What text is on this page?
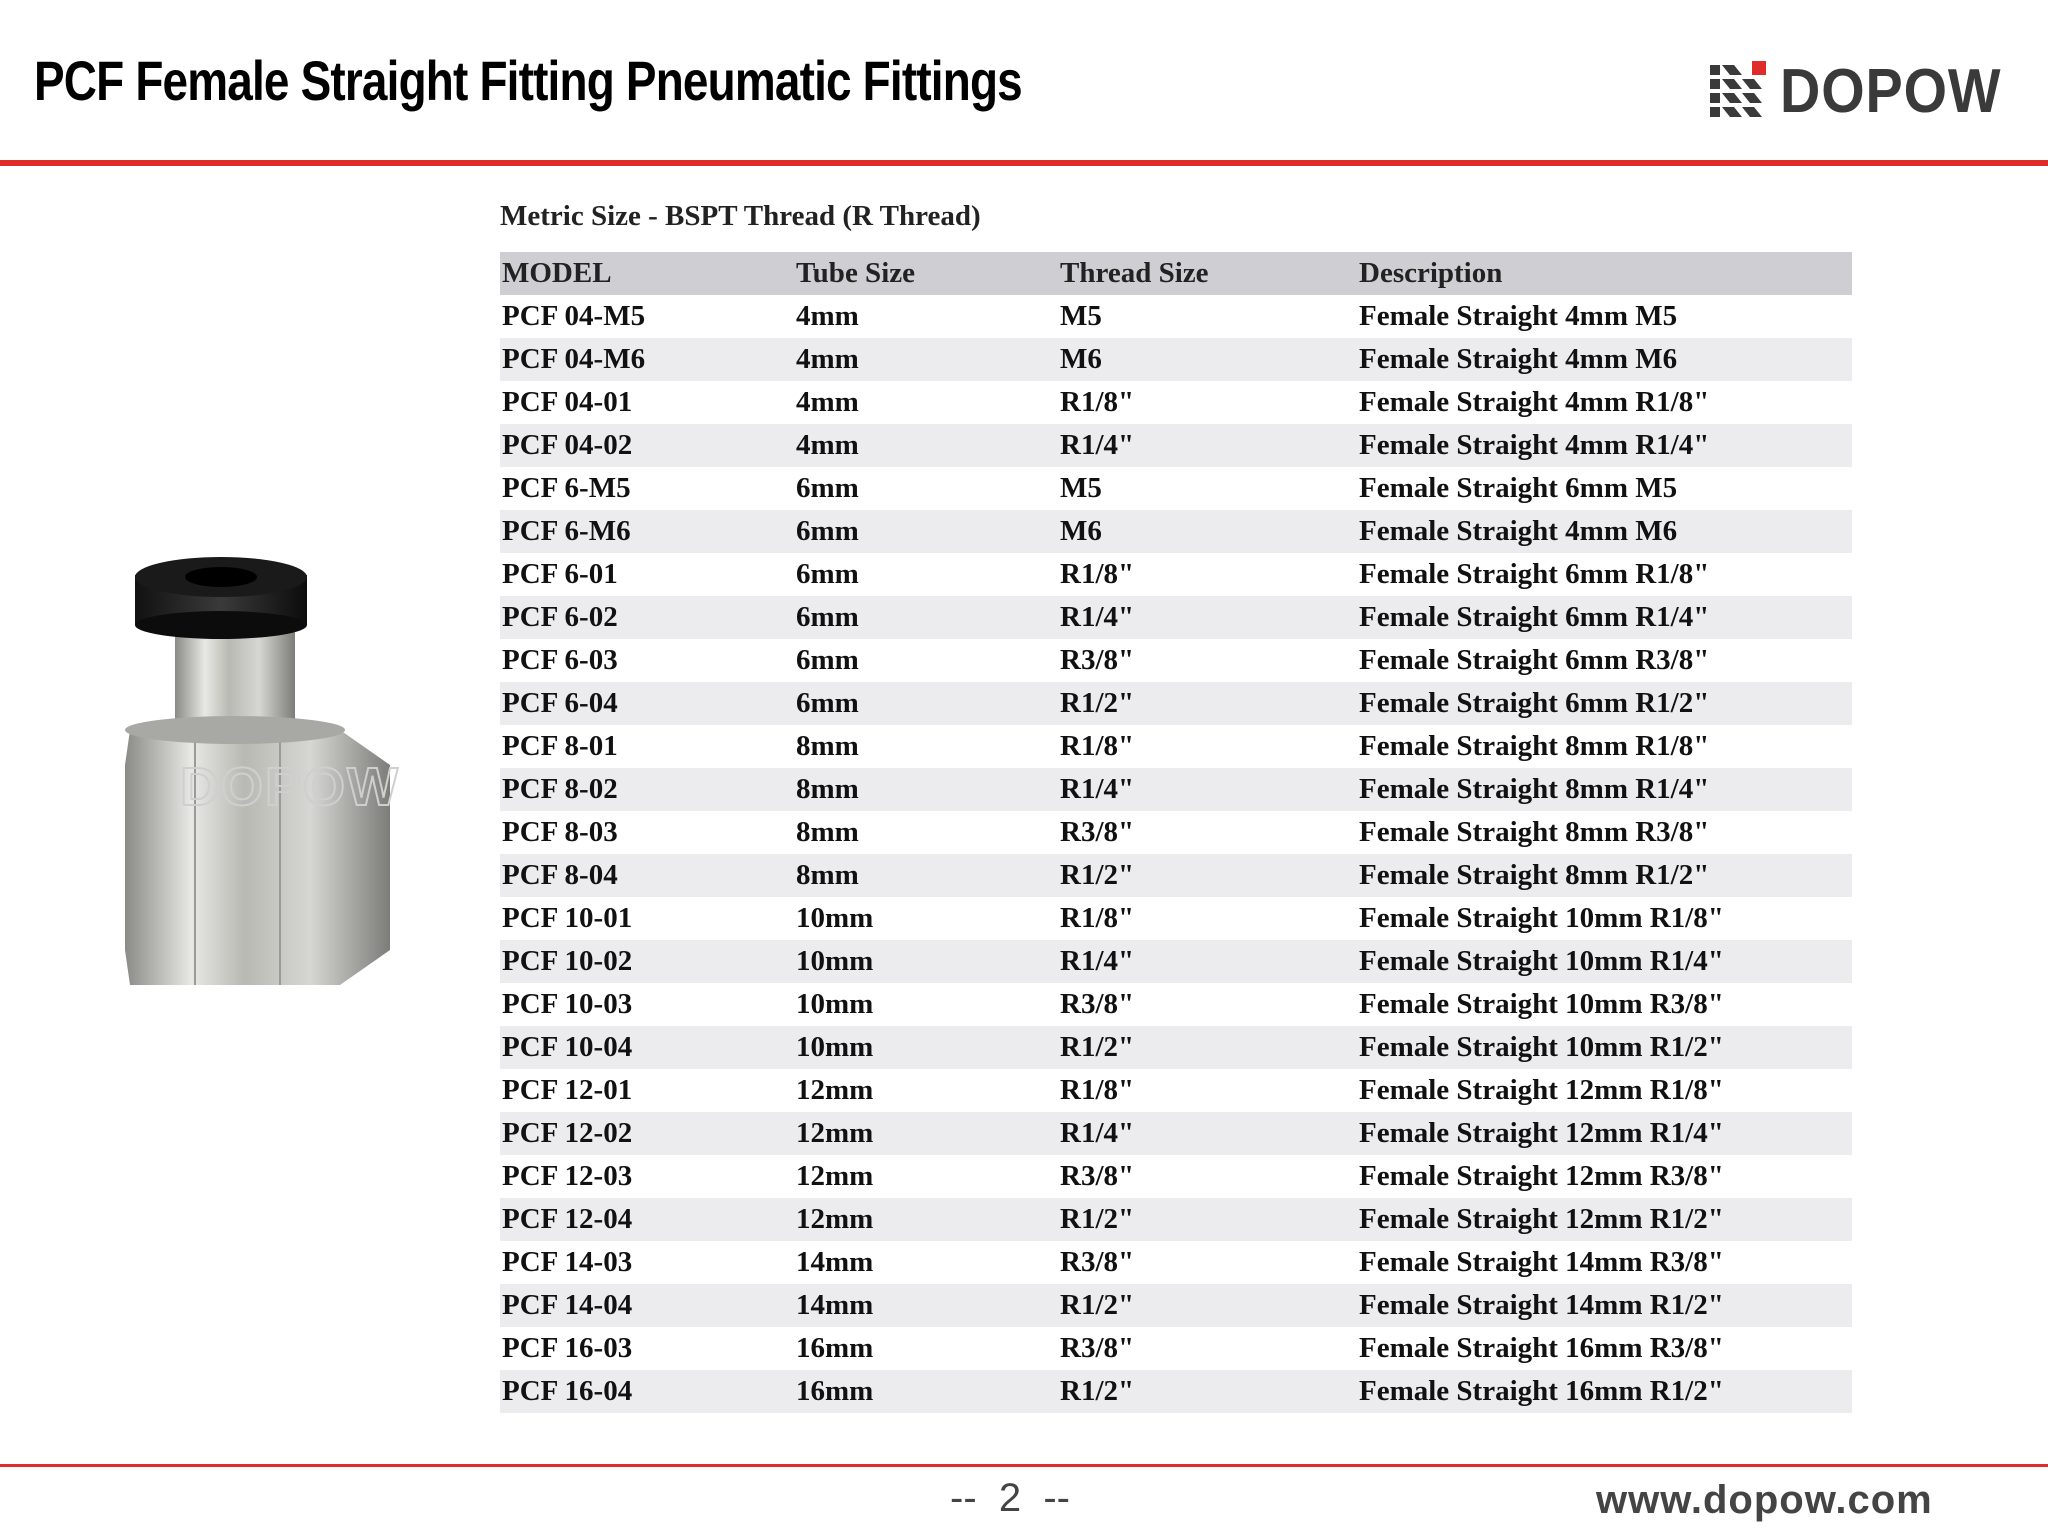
PCF Female Straight Fitting Pneumatic Fittings	DOPOW
DOPOW
Metric Size - BSPT Thread (R Thread)
MODEL	Tube Size	Thread Size	Description
PCF 04-M5	4mm	M5	Female Straight 4mm M5
PCF 04-M6	4mm	M6	Female Straight 4mm M6
PCF 04-01	4mm	R1/8"	Female Straight 4mm R1/8"
PCF 04-02	4mm	R1/4"	Female Straight 4mm R1/4"
PCF 6-M5	6mm	M5	Female Straight 6mm M5
PCF 6-M6	6mm	M6	Female Straight 4mm M6
PCF 6-01	6mm	R1/8"	Female Straight 6mm R1/8"
PCF 6-02	6mm	R1/4"	Female Straight 6mm R1/4"
PCF 6-03	6mm	R3/8"	Female Straight 6mm R3/8"
PCF 6-04	6mm	R1/2"	Female Straight 6mm R1/2"
PCF 8-01	8mm	R1/8"	Female Straight 8mm R1/8"
PCF 8-02	8mm	R1/4"	Female Straight 8mm R1/4"
PCF 8-03	8mm	R3/8"	Female Straight 8mm R3/8"
PCF 8-04	8mm	R1/2"	Female Straight 8mm R1/2"
PCF 10-01	10mm	R1/8"	Female Straight 10mm R1/8"
PCF 10-02	10mm	R1/4"	Female Straight 10mm R1/4"
PCF 10-03	10mm	R3/8"	Female Straight 10mm R3/8"
PCF 10-04	10mm	R1/2"	Female Straight 10mm R1/2"
PCF 12-01	12mm	R1/8"	Female Straight 12mm R1/8"
PCF 12-02	12mm	R1/4"	Female Straight 12mm R1/4"
PCF 12-03	12mm	R3/8"	Female Straight 12mm R3/8"
PCF 12-04	12mm	R1/2"	Female Straight 12mm R1/2"
PCF 14-03	14mm	R3/8"	Female Straight 14mm R3/8"
PCF 14-04	14mm	R1/2"	Female Straight 14mm R1/2"
PCF 16-03	16mm	R3/8"	Female Straight 16mm R3/8"
PCF 16-04	16mm	R1/2"	Female Straight 16mm R1/2"
--  2  --	www.dopow.com
